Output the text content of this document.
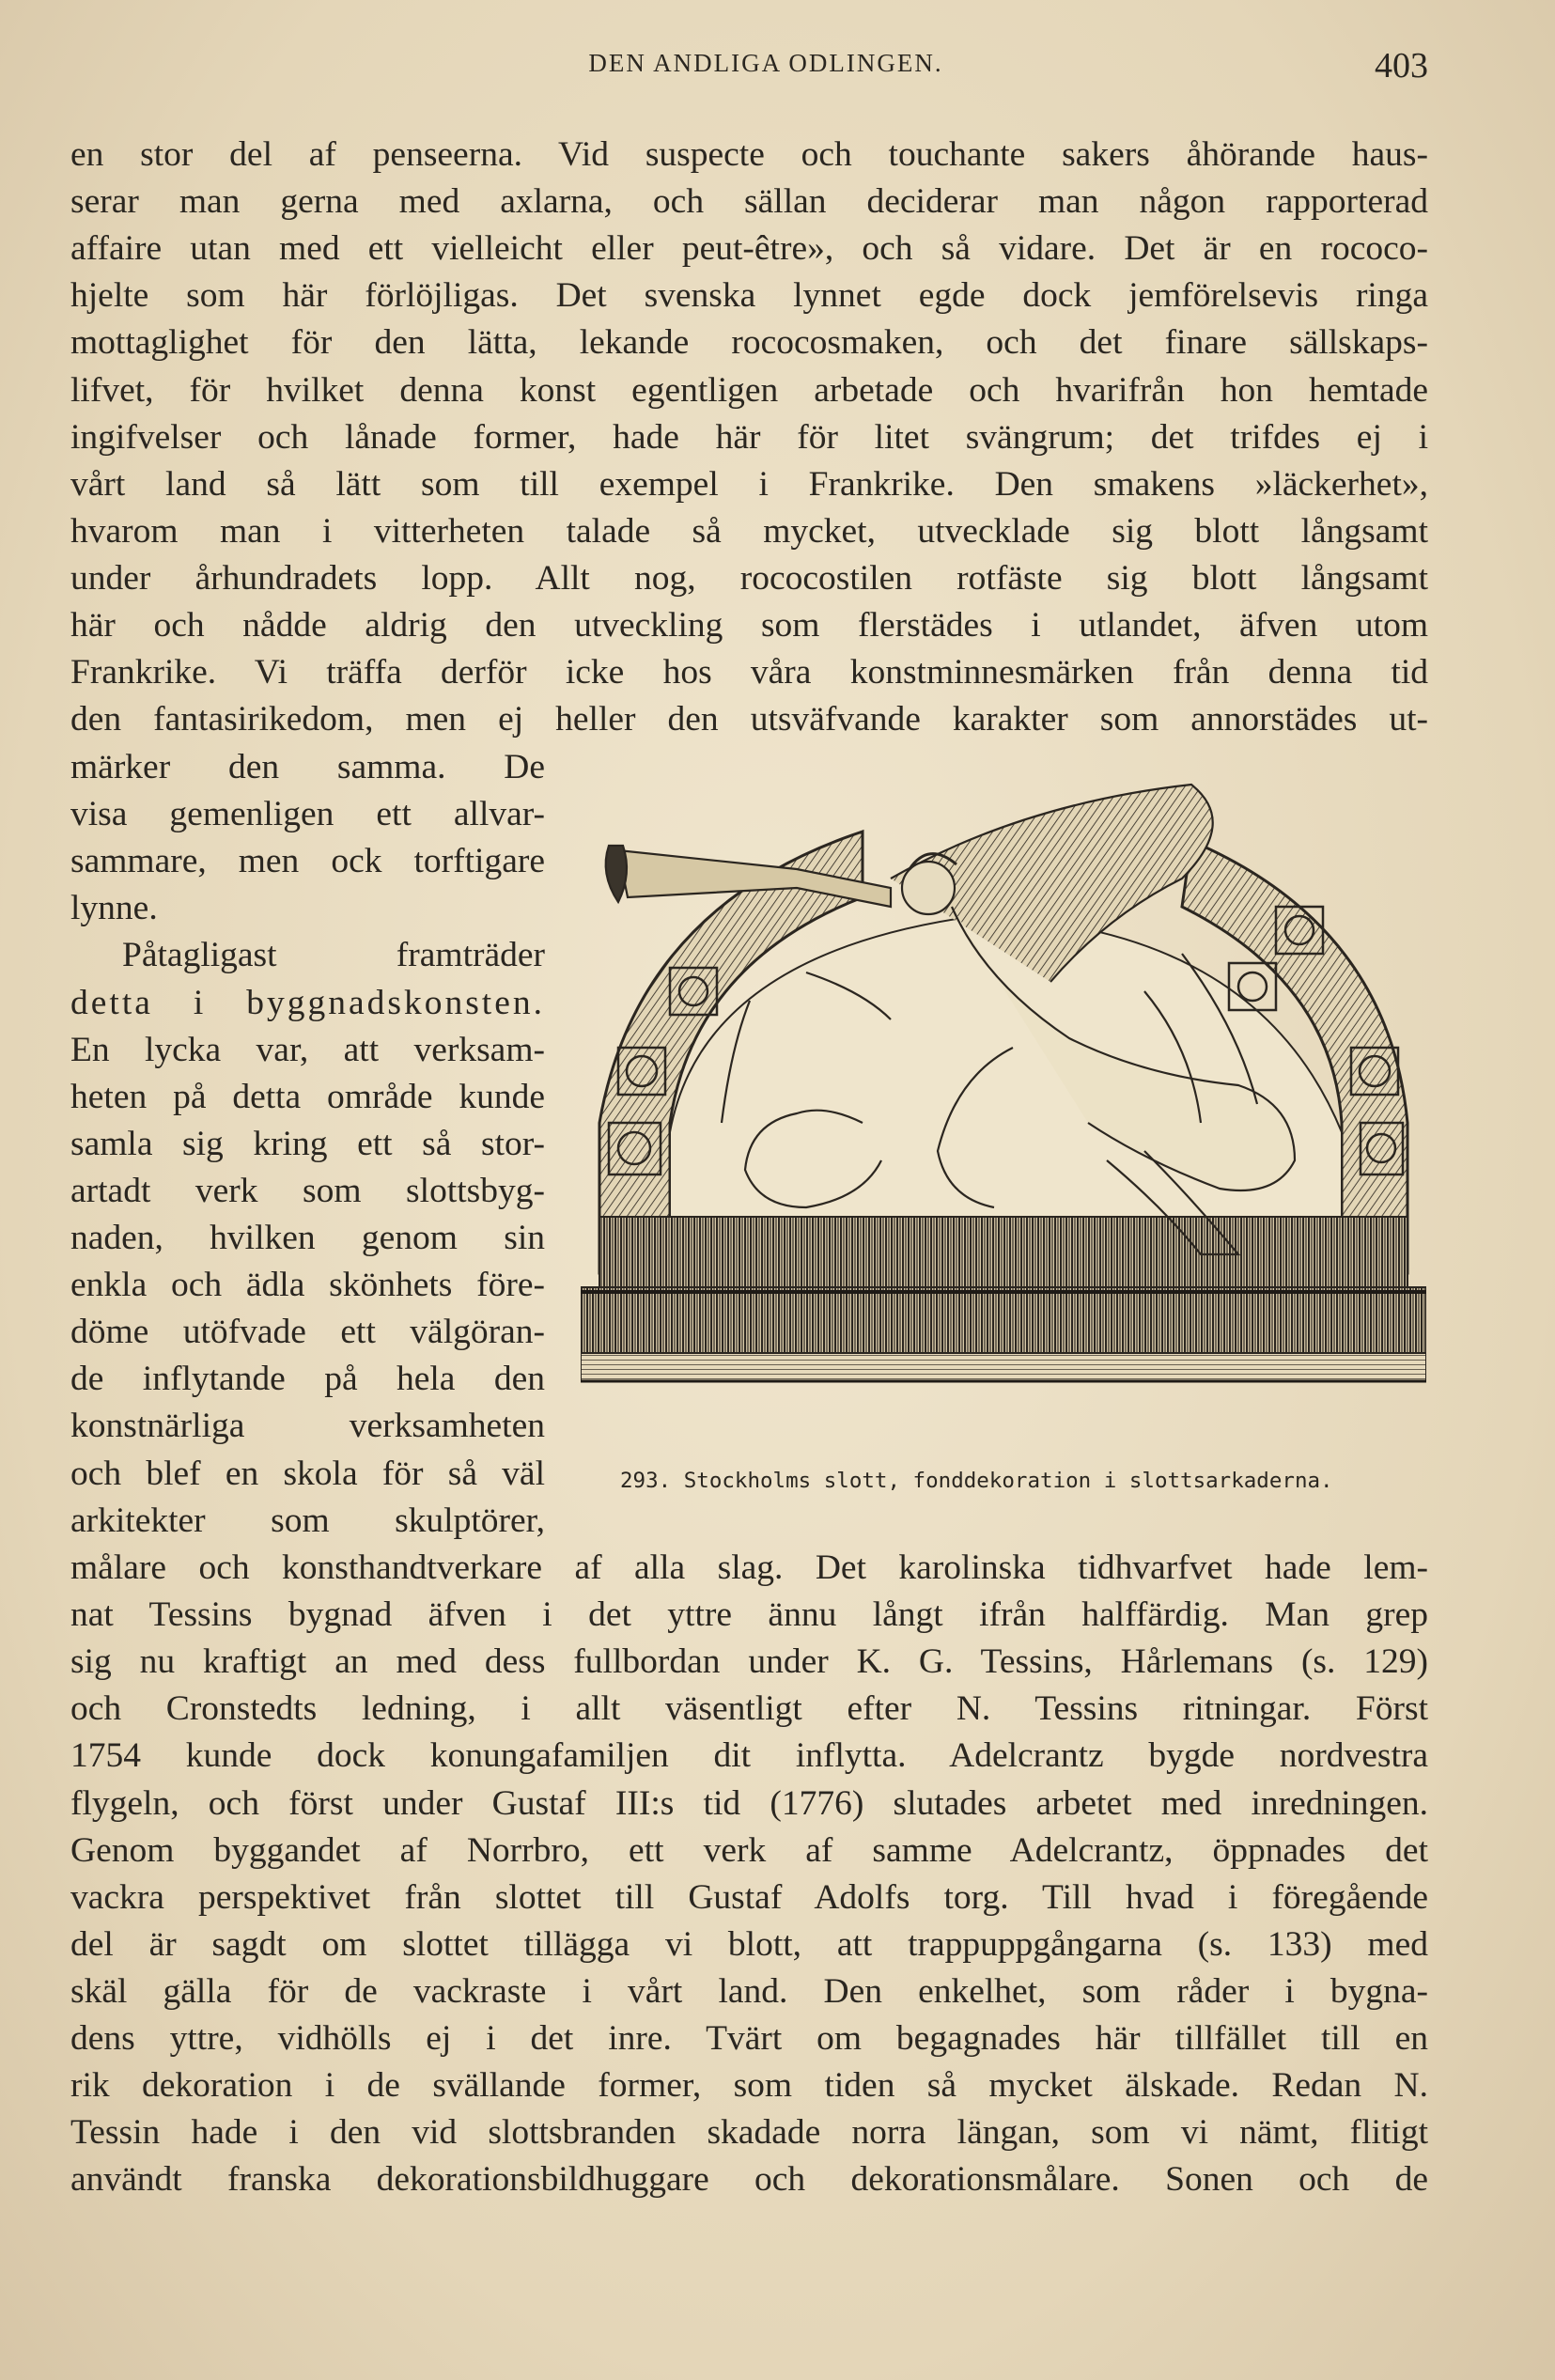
DEN ANDLIGA ODLINGEN.	403
en stor del af penseerna. Vid suspecte och touchante sakers åhörande haus-
serar man gerna med axlarna, och sällan deciderar man någon rapporterad
affaire utan med ett vielleicht eller peut-être», och så vidare. Det är en rococo-
hjelte som här förlöjligas. Det svenska lynnet egde dock jemförelsevis ringa
mottaglighet för den lätta, lekande rococosmaken, och det finare sällskaps-
lifvet, för hvilket denna konst egentligen arbetade och hvarifrån hon hemtade
ingifvelser och lånade former, hade här för litet svängrum; det trifdes ej i
vårt land så lätt som till exempel i Frankrike. Den smakens »läckerhet»,
hvarom man i vitterheten talade så mycket, utvecklade sig blott långsamt
under århundradets lopp. Allt nog, rococostilen rotfäste sig blott långsamt
här och nådde aldrig den utveckling som flerstädes i utlandet, äfven utom
Frankrike. Vi träffa derför icke hos våra konstminnesmärken från denna tid
den fantasirikedom, men ej heller den utsväfvande karakter som annorstädes ut-
märker den samma. De
visa gemenligen ett allvar-
sammare, men ock torftigare
lynne.
Påtagligast framträder
detta i byggnadskonsten.
En lycka var, att verksam-
heten på detta område kunde
samla sig kring ett så stor-
artadt verk som slottsbyg-
naden, hvilken genom sin
enkla och ädla skönhets före-
döme utöfvade ett välgöran-
de inflytande på hela den
konstnärliga verksamheten
och blef en skola för så väl
arkitekter som skulptörer,
målare och konsthandtverkare af alla slag. Det karolinska tidhvarfvet hade lem-
nat Tessins bygnad äfven i det yttre ännu långt ifrån halffärdig. Man grep
sig nu kraftigt an med dess fullbordan under K. G. Tessins, Hårlemans (s. 129)
och Cronstedts ledning, i allt väsentligt efter N. Tessins ritningar. Först
1754 kunde dock konungafamiljen dit inflytta. Adelcrantz bygde nordvestra
flygeln, och först under Gustaf III:s tid (1776) slutades arbetet med inredningen.
Genom byggandet af Norrbro, ett verk af samme Adelcrantz, öppnades det
vackra perspektivet från slottet till Gustaf Adolfs torg. Till hvad i föregående
del är sagdt om slottet tillägga vi blott, att trappuppgångarna (s. 133) med
skäl gälla för de vackraste i vårt land. Den enkelhet, som råder i bygna-
dens yttre, vidhölls ej i det inre. Tvärt om begagnades här tillfället till en
rik dekoration i de svällande former, som tiden så mycket älskade. Redan N.
Tessin hade i den vid slottsbranden skadade norra längan, som vi nämt, flitigt
användt franska dekorationsbildhuggare och dekorationsmålare. Sonen och de
293. Stockholms slott, fonddekoration i slottsarkaderna.
